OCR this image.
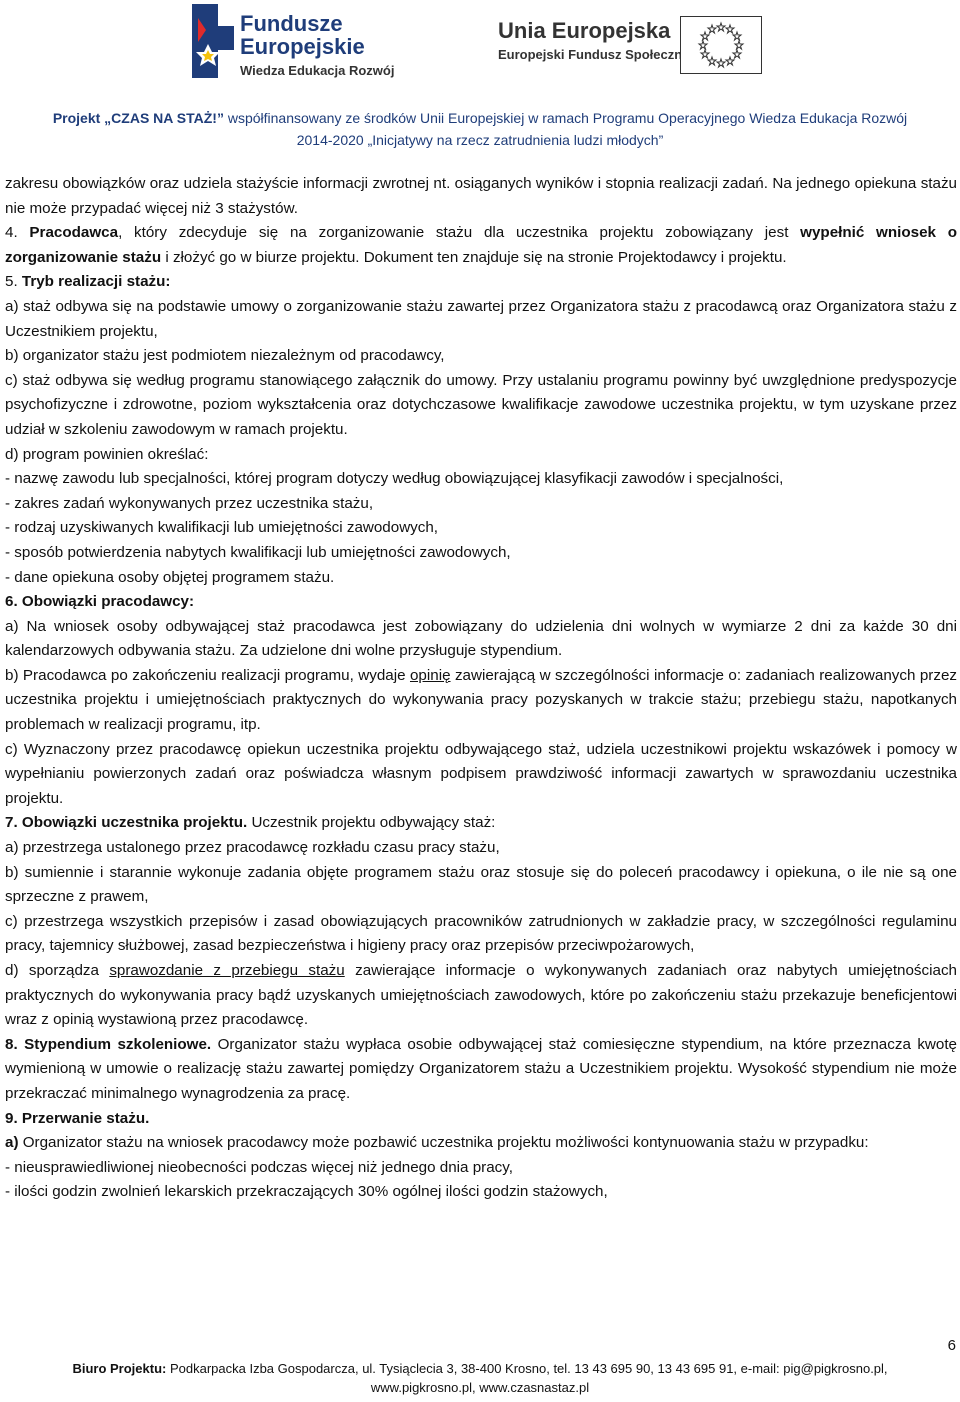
Fundusze
Europejskie
Wiedza Edukacja Rozwój
Unia Europejska
Europejski Fundusz Społeczny
Projekt „CZAS NA STAŻ!” współfinansowany ze środków Unii Europejskiej w ramach Programu Operacyjnego Wiedza Edukacja Rozwój
2014-2020 „Inicjatywy na rzecz zatrudnienia ludzi młodych”

zakresu obowiązków oraz udziela stażyście informacji zwrotnej nt. osiąganych wyników i stopnia realizacji zadań. Na jednego opiekuna stażu nie może przypadać więcej niż 3 stażystów.

4. Pracodawca, który zdecyduje się na zorganizowanie stażu dla uczestnika projektu zobowiązany jest wypełnić wniosek o zorganizowanie stażu i złożyć go w biurze projektu. Dokument ten znajduje się na stronie Projektodawcy i projektu.

5. Tryb realizacji stażu:

a) staż odbywa się na podstawie umowy o zorganizowanie stażu zawartej przez Organizatora stażu z pracodawcą oraz Organizatora stażu z Uczestnikiem projektu,

b) organizator stażu jest podmiotem niezależnym od pracodawcy,

c) staż odbywa się według programu stanowiącego załącznik do umowy. Przy ustalaniu programu powinny być uwzględnione predyspozycje psychofizyczne i zdrowotne, poziom wykształcenia oraz dotychczasowe kwalifikacje zawodowe uczestnika projektu, w tym uzyskane przez udział w szkoleniu zawodowym w ramach projektu.

d) program powinien określać:

- nazwę zawodu lub specjalności, której program dotyczy według obowiązującej klasyfikacji zawodów i specjalności,

- zakres zadań wykonywanych przez uczestnika stażu,

- rodzaj uzyskiwanych kwalifikacji lub umiejętności zawodowych,

- sposób potwierdzenia nabytych kwalifikacji lub umiejętności zawodowych,

- dane opiekuna osoby objętej programem stażu.

6. Obowiązki pracodawcy:

a) Na wniosek osoby odbywającej staż pracodawca jest zobowiązany do udzielenia dni wolnych w wymiarze 2 dni za każde 30 dni kalendarzowych odbywania stażu. Za udzielone dni wolne przysługuje stypendium.

b) Pracodawca po zakończeniu realizacji programu, wydaje opinię zawierającą w szczególności informacje o: zadaniach realizowanych przez uczestnika projektu i umiejętnościach praktycznych do wykonywania pracy pozyskanych w trakcie stażu; przebiegu stażu, napotkanych problemach w realizacji programu, itp.

c) Wyznaczony przez pracodawcę opiekun uczestnika projektu odbywającego staż, udziela uczestnikowi projektu wskazówek i pomocy w wypełnianiu powierzonych zadań oraz poświadcza własnym podpisem prawdziwość informacji zawartych w sprawozdaniu uczestnika projektu.

7. Obowiązki uczestnika projektu. Uczestnik projektu odbywający staż:

a) przestrzega ustalonego przez pracodawcę rozkładu czasu pracy stażu,

b) sumiennie i starannie wykonuje zadania objęte programem stażu oraz stosuje się do poleceń pracodawcy i opiekuna, o ile nie są one sprzeczne z prawem,

c) przestrzega wszystkich przepisów i zasad obowiązujących pracowników zatrudnionych w zakładzie pracy, w szczególności regulaminu pracy, tajemnicy służbowej, zasad bezpieczeństwa i higieny pracy oraz przepisów przeciwpożarowych,

d) sporządza sprawozdanie z przebiegu stażu zawierające informacje o wykonywanych zadaniach oraz nabytych umiejętnościach praktycznych do wykonywania pracy bądź uzyskanych umiejętnościach zawodowych, które po zakończeniu stażu przekazuje beneficjentowi wraz z opinią wystawioną przez pracodawcę.

8. Stypendium szkoleniowe. Organizator stażu wypłaca osobie odbywającej staż comiesięczne stypendium, na które przeznacza kwotę wymienioną w umowie o realizację stażu zawartej pomiędzy Organizatorem stażu a Uczestnikiem projektu. Wysokość stypendium nie może przekraczać minimalnego wynagrodzenia za pracę.

9. Przerwanie stażu.

a) Organizator stażu na wniosek pracodawcy może pozbawić uczestnika projektu możliwości kontynuowania stażu w przypadku:

- nieusprawiedliwionej nieobecności podczas więcej niż jednego dnia pracy,

- ilości godzin zwolnień lekarskich przekraczających 30% ogólnej ilości godzin stażowych,

6
Biuro Projektu: Podkarpacka Izba Gospodarcza, ul. Tysiąclecia 3, 38-400 Krosno, tel. 13 43 695 90, 13 43 695 91, e-mail: pig@pigkrosno.pl,
www.pigkrosno.pl, www.czasnastaz.pl
